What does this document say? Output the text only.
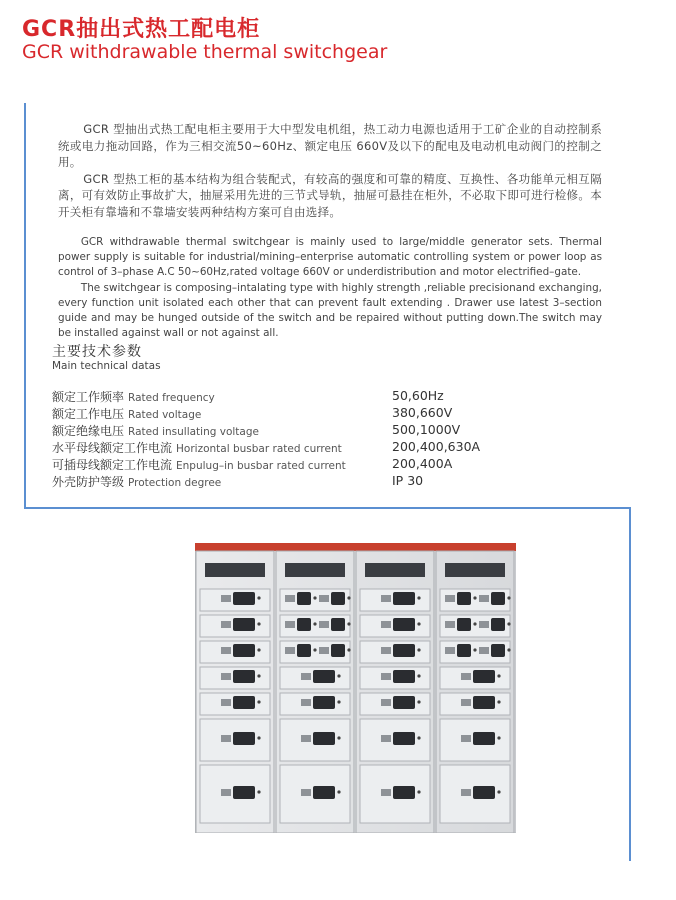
GCR抽出式热工配电柜
GCR withdrawable thermal switchgear
GCR 型抽出式热工配电柜主要用于大中型发电机组，热工动力电源也适用于工矿企业的自动控制系统或电力拖动回路，作为三相交流50~60Hz、额定电压 660V及以下的配电及电动机电动阀门的控制之用。
GCR 型热工柜的基本结构为组合装配式，有较高的强度和可靠的精度、互换性、各功能单元相互隔离，可有效防止事故扩大，抽屉采用先进的三节式导轨，抽屉可悬挂在柜外，不必取下即可进行检修。本开关柜有靠墙和不靠墙安装两种结构方案可自由选择。
GCR withdrawable thermal switchgear is mainly used to large/middle generator sets. Thermal power supply is suitable for industrial/mining–enterprise automatic controlling system or power loop as control of 3–phase A.C 50~60Hz,rated voltage 660V or underdistribution and motor electrified–gate.
The switchgear is composing–intalating type with highly strength ,reliable precisionand exchanging, every function unit isolated each other that can prevent fault extending . Drawer use latest 3–section guide and may be hunged outside of the switch and be repaired without putting down.The switch may be installed against wall or not against all.
主要技术参数
Main technical datas
额定工作频率 Rated frequency	50,60Hz
额定工作电压 Rated voltage	380,660V
额定绝缘电压 Rated insullating voltage	500,1000V
水平母线额定工作电流 Horizontal busbar rated current	200,400,630A
可插母线额定工作电流 Enpulug–in busbar rated current	200,400A
外壳防护等级 Protection degree	IP 30
